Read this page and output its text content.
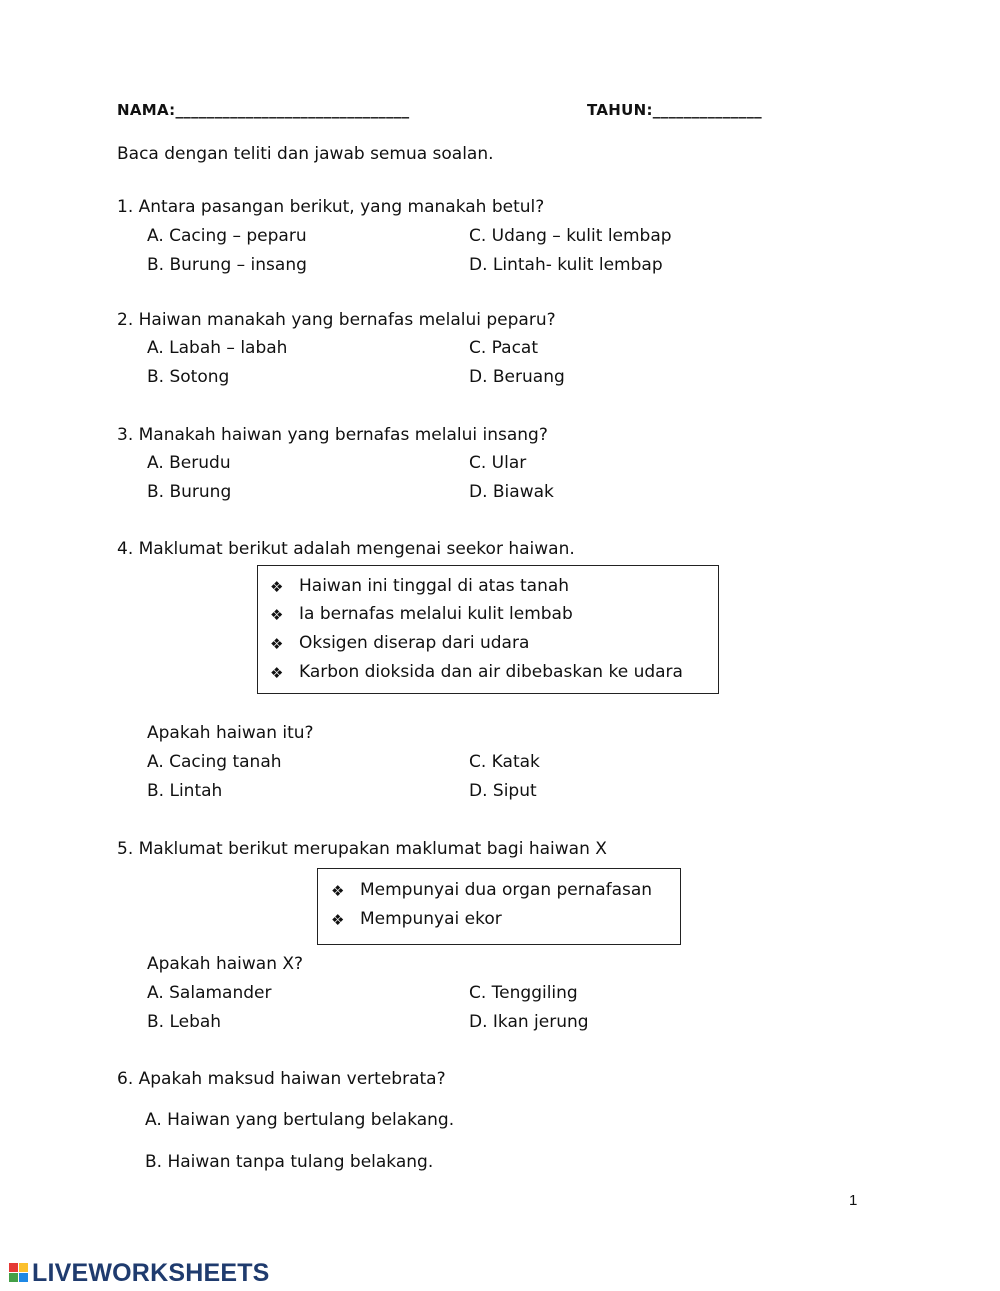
NAMA:______________________________	TAHUN:______________
Baca dengan teliti dan jawab semua soalan.
1. Antara pasangan berikut, yang manakah betul?
A. Cacing – peparu
B. Burung – insang
C. Udang – kulit lembap
D. Lintah- kulit lembap
2. Haiwan manakah yang bernafas melalui peparu?
A. Labah – labah
B. Sotong
C. Pacat
D. Beruang
3. Manakah haiwan yang bernafas melalui insang?
A. Berudu
B. Burung
C. Ular
D. Biawak
4. Maklumat berikut adalah mengenai seekor haiwan.
❖ Haiwan ini tinggal di atas tanah
❖ Ia bernafas melalui kulit lembab
❖ Oksigen diserap dari udara
❖ Karbon dioksida dan air dibebaskan ke udara
Apakah haiwan itu?
A. Cacing tanah
B. Lintah
C. Katak
D. Siput
5. Maklumat berikut merupakan maklumat bagi haiwan X
❖ Mempunyai dua organ pernafasan
❖ Mempunyai ekor
Apakah haiwan X?
A. Salamander
B. Lebah
C. Tenggiling
D. Ikan jerung
6. Apakah maksud haiwan vertebrata?
A. Haiwan yang bertulang belakang.
B. Haiwan tanpa tulang belakang.
1
LIVEWORKSHEETS
